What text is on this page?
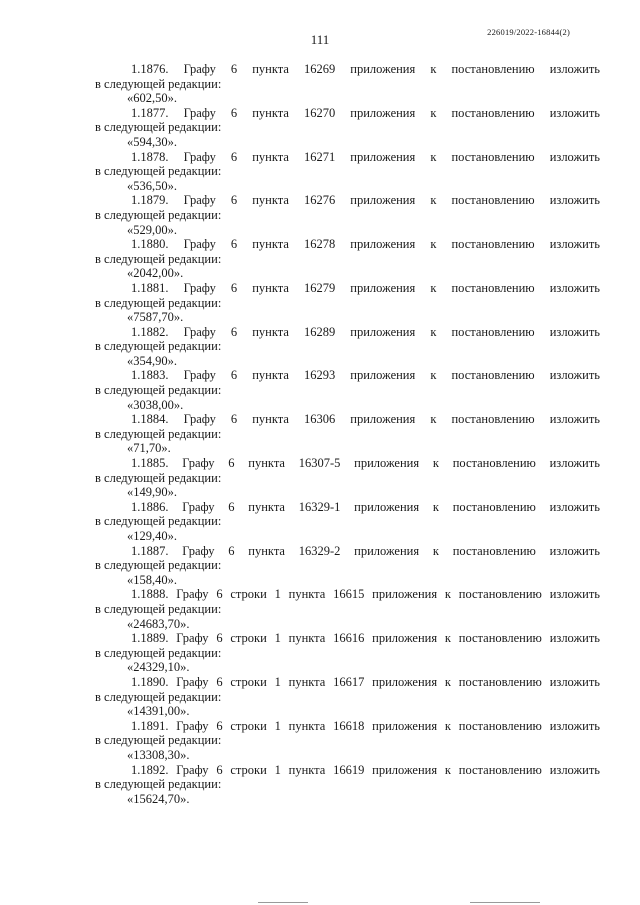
111	226019/2022-16844(2)
1.1876. Графу 6 пункта 16269 приложения к постановлению изложить
в следующей редакции:
«602,50».
1.1877. Графу 6 пункта 16270 приложения к постановлению изложить
в следующей редакции:
«594,30».
1.1878. Графу 6 пункта 16271 приложения к постановлению изложить
в следующей редакции:
«536,50».
1.1879. Графу 6 пункта 16276 приложения к постановлению изложить
в следующей редакции:
«529,00».
1.1880. Графу 6 пункта 16278 приложения к постановлению изложить
в следующей редакции:
«2042,00».
1.1881. Графу 6 пункта 16279 приложения к постановлению изложить
в следующей редакции:
«7587,70».
1.1882. Графу 6 пункта 16289 приложения к постановлению изложить
в следующей редакции:
«354,90».
1.1883. Графу 6 пункта 16293 приложения к постановлению изложить
в следующей редакции:
«3038,00».
1.1884. Графу 6 пункта 16306 приложения к постановлению изложить
в следующей редакции:
«71,70».
1.1885. Графу 6 пункта 16307-5 приложения к постановлению изложить
в следующей редакции:
«149,90».
1.1886. Графу 6 пункта 16329-1 приложения к постановлению изложить
в следующей редакции:
«129,40».
1.1887. Графу 6 пункта 16329-2 приложения к постановлению изложить
в следующей редакции:
«158,40».
1.1888. Графу 6 строки 1 пункта 16615 приложения к постановлению изложить
в следующей редакции:
«24683,70».
1.1889. Графу 6 строки 1 пункта 16616 приложения к постановлению изложить
в следующей редакции:
«24329,10».
1.1890. Графу 6 строки 1 пункта 16617 приложения к постановлению изложить
в следующей редакции:
«14391,00».
1.1891. Графу 6 строки 1 пункта 16618 приложения к постановлению изложить
в следующей редакции:
«13308,30».
1.1892. Графу 6 строки 1 пункта 16619 приложения к постановлению изложить
в следующей редакции:
«15624,70».
